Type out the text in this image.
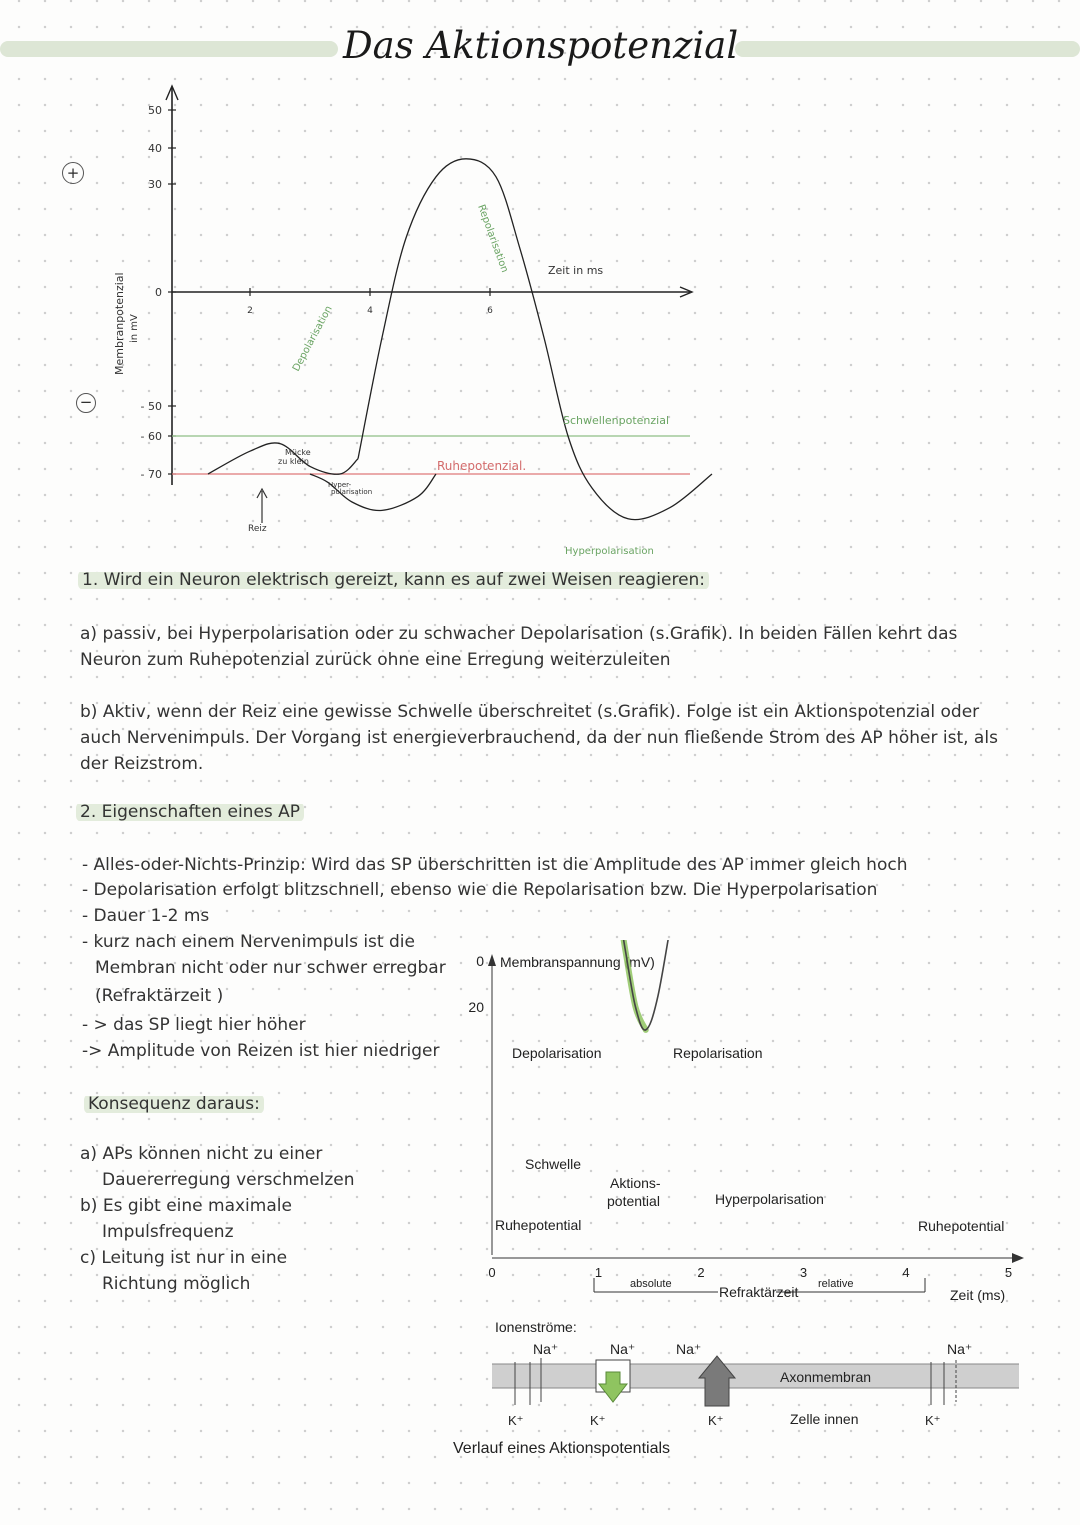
Das Aktionspotenzial
+
−
50
40
30
0
- 50
- 60
- 70
2	4	6
Membranpotenzial in mV
Zeit in ms
Depolarisation
Repolarisation
Schwellenpotenzial
Ruhepotenzial.
Mücke
zu klein
Hyper-
polarisation
Hyperpolarisation
Reiz
1. Wird ein Neuron elektrisch gereizt, kann es auf zwei Weisen reagieren:
a) passiv, bei Hyperpolarisation oder zu schwacher Depolarisation (s.Grafik). In beiden Fällen kehrt das Neuron zum Ruhepotenzial zurück ohne eine Erregung weiterzuleiten
b) Aktiv, wenn der Reiz eine gewisse Schwelle überschreitet (s.Grafik). Folge ist ein Aktionspotenzial oder auch Nervenimpuls. Der Vorgang ist energieverbrauchend, da der nun fließende Strom des AP höher ist, als der Reizstrom.
2. Eigenschaften eines AP
- Alles-oder-Nichts-Prinzip: Wird das SP überschritten ist die Amplitude des AP immer gleich hoch
- Depolarisation erfolgt blitzschnell, ebenso wie die Repolarisation bzw. Die Hyperpolarisation
- Dauer 1-2 ms
- kurz nach einem Nervenimpuls ist die
Membran nicht oder nur schwer erregbar
(Refraktärzeit )
- > das SP liegt hier höher
-> Amplitude von Reizen ist hier niedriger
Konsequenz daraus:
a) APs können nicht zu einer
Dauererregung verschmelzen
b) Es gibt eine maximale
Impulsfrequenz
c) Leitung ist nur in eine
Richtung möglich
Membranspannung (mV)
20
0
0	1	2	3	4	5
Zeit (ms)
Depolarisation	Repolarisation
Schwelle
Aktions-
potential	Hyperpolarisation
Ruhepotential	Ruhepotential
absolute	Refraktärzeit relative
Ionenströme:
Axonmembran
Zelle innen
Na⁺	Na⁺	Na⁺	Na⁺
K⁺	K⁺	K⁺	K⁺
Verlauf eines Aktionspotentials
